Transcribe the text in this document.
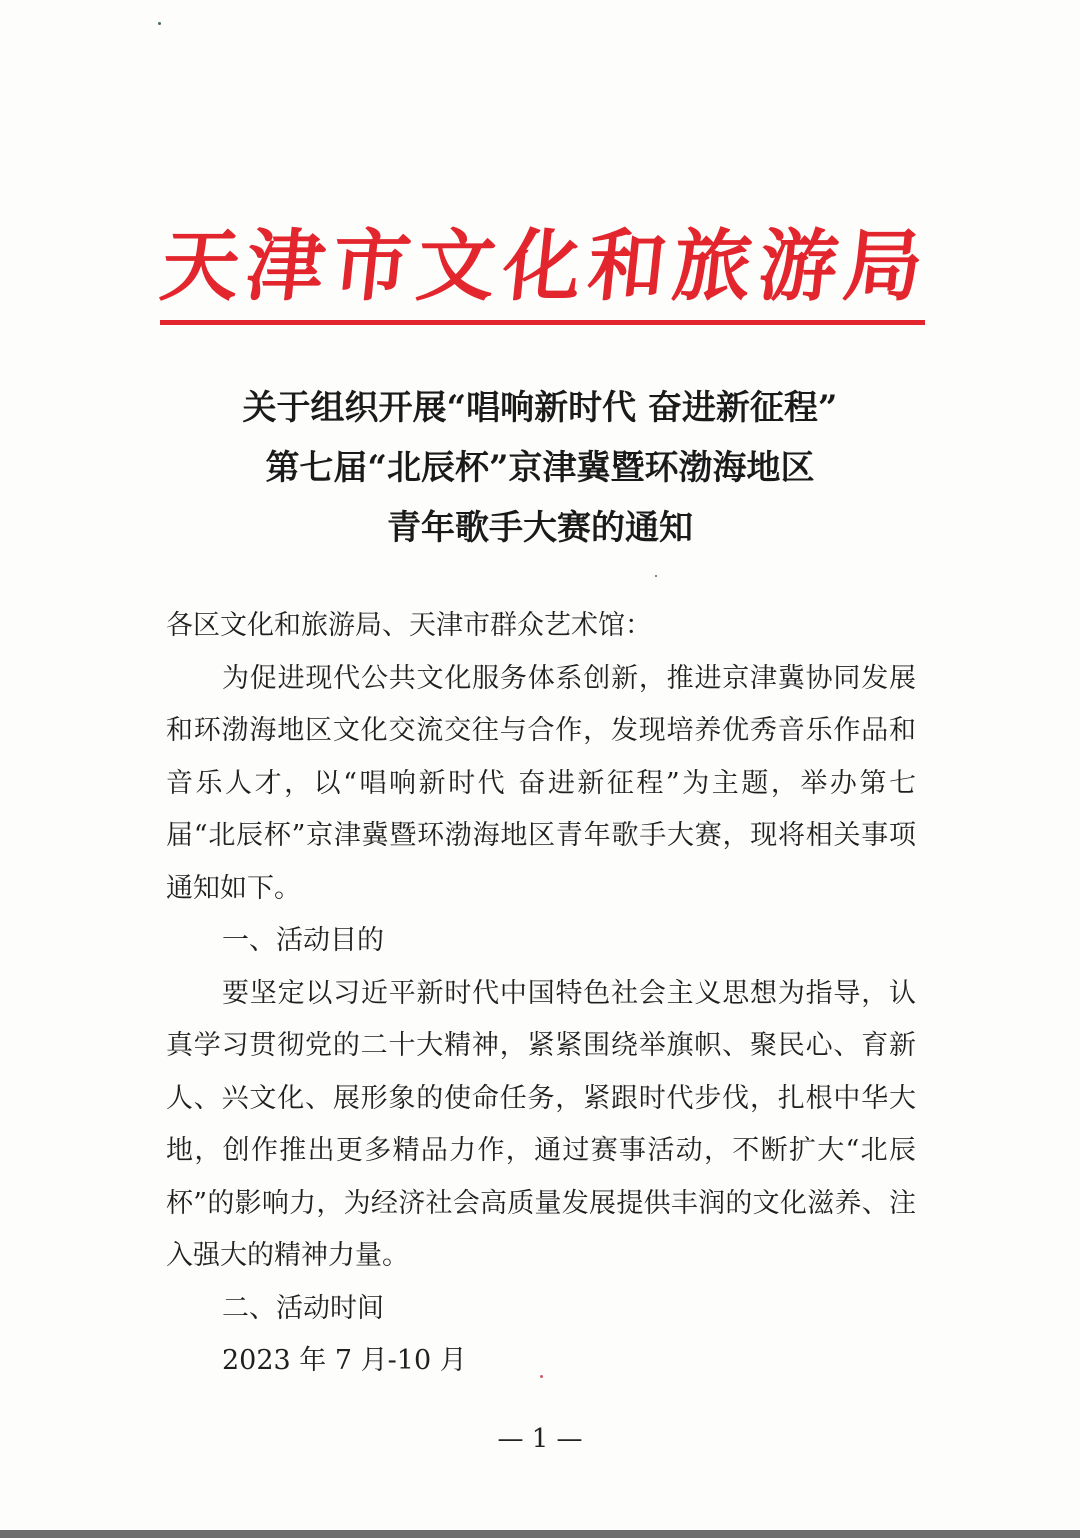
天
津
市
文
化
和
旅
游
局
关于组织开展“唱响新时代 奋进新征程”
第七届“北辰杯”京津冀暨环渤海地区
青年歌手大赛的通知

各区文化和旅游局、天津市群众艺术馆：

为促进现代公共文化服务体系创新，推进京津冀协同发展和环渤海地区文化交流交往与合作，发现培养优秀音乐作品和音乐人才，以“唱响新时代 奋进新征程”为主题，举办第七届“北辰杯”京津冀暨环渤海地区青年歌手大赛，现将相关事项通知如下。

一、活动目的

要坚定以习近平新时代中国特色社会主义思想为指导，认真学习贯彻党的二十大精神，紧紧围绕举旗帜、聚民心、育新人、兴文化、展形象的使命任务，紧跟时代步伐，扎根中华大地，创作推出更多精品力作，通过赛事活动，不断扩大“北辰杯”的影响力，为经济社会高质量发展提供丰润的文化滋养、注入强大的精神力量。

二、活动时间

2023 年 7 月-10 月

— 1 —
